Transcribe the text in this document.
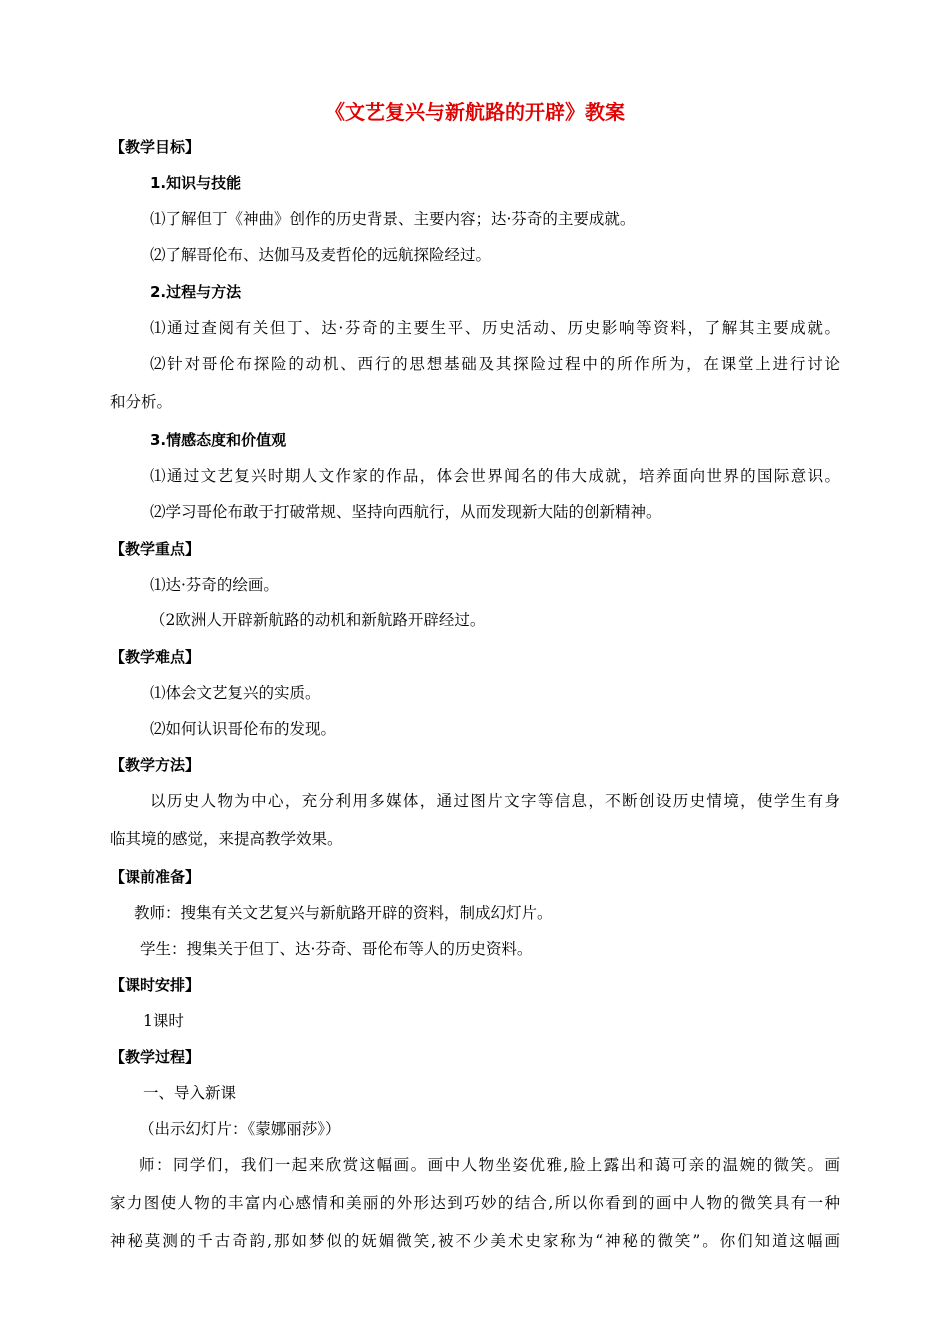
《文艺复兴与新航路的开辟》教案
【教学目标】
1.知识与技能
⑴了解但丁《神曲》创作的历史背景、主要内容；达·芬奇的主要成就。
⑵了解哥伦布、达伽马及麦哲伦的远航探险经过。
2.过程与方法
⑴通过查阅有关但丁、达·芬奇的主要生平、历史活动、历史影响等资料，了解其主要成就。
⑵针对哥伦布探险的动机、西行的思想基础及其探险过程中的所作所为，在课堂上进行讨论
和分析。
3.情感态度和价值观
⑴通过文艺复兴时期人文作家的作品，体会世界闻名的伟大成就，培养面向世界的国际意识。
⑵学习哥伦布敢于打破常规、坚持向西航行，从而发现新大陆的创新精神。
【教学重点】
⑴达·芬奇的绘画。
（2欧洲人开辟新航路的动机和新航路开辟经过。
【教学难点】
⑴体会文艺复兴的实质。
⑵如何认识哥伦布的发现。
【教学方法】
以历史人物为中心，充分利用多媒体，通过图片文字等信息，不断创设历史情境，使学生有身
临其境的感觉，来提高教学效果。
【课前准备】
教师：搜集有关文艺复兴与新航路开辟的资料，制成幻灯片。
学生：搜集关于但丁、达·芬奇、哥伦布等人的历史资料。
【课时安排】
1课时
【教学过程】
一、导入新课
（出示幻灯片：《蒙娜丽莎》）
师：同学们，我们一起来欣赏这幅画。画中人物坐姿优雅,脸上露出和蔼可亲的温婉的微笑。画
家力图使人物的丰富内心感情和美丽的外形达到巧妙的结合,所以你看到的画中人物的微笑具有一种
神秘莫测的千古奇韵,那如梦似的妩媚微笑,被不少美术史家称为“神秘的微笑”。你们知道这幅画
